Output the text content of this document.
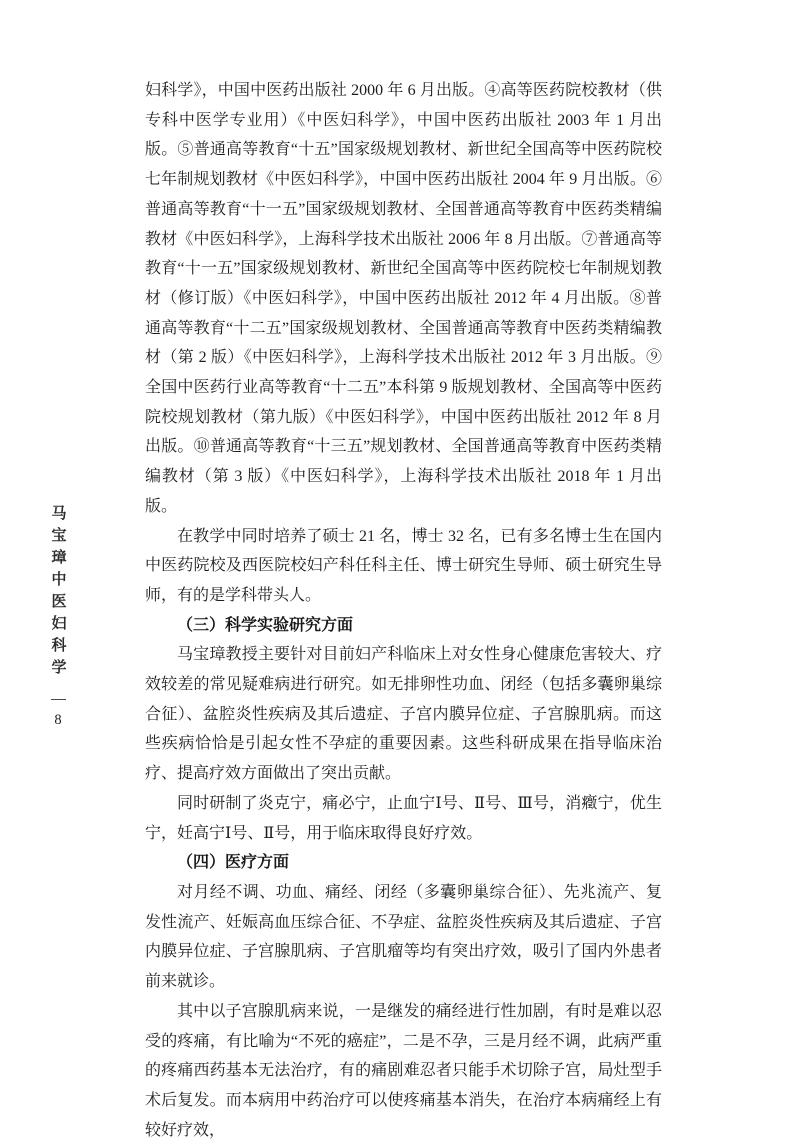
马宝璋中医妇科学
8

妇科学》，中国中医药出版社 2000 年 6 月出版。④高等医药院校教材（供专科中医学专业用）《中医妇科学》，中国中医药出版社 2003 年 1 月出版。⑤普通高等教育“十五”国家级规划教材、新世纪全国高等中医药院校七年制规划教材《中医妇科学》，中国中医药出版社 2004 年 9 月出版。⑥普通高等教育“十一五”国家级规划教材、全国普通高等教育中医药类精编教材《中医妇科学》，上海科学技术出版社 2006 年 8 月出版。⑦普通高等教育“十一五”国家级规划教材、新世纪全国高等中医药院校七年制规划教材（修订版）《中医妇科学》，中国中医药出版社 2012 年 4 月出版。⑧普通高等教育“十二五”国家级规划教材、全国普通高等教育中医药类精编教材（第 2 版）《中医妇科学》，上海科学技术出版社 2012 年 3 月出版。⑨全国中医药行业高等教育“十二五”本科第 9 版规划教材、全国高等中医药院校规划教材（第九版）《中医妇科学》，中国中医药出版社 2012 年 8 月出版。⑩普通高等教育“十三五”规划教材、全国普通高等教育中医药类精编教材（第 3 版）《中医妇科学》，上海科学技术出版社 2018 年 1 月出版。

在教学中同时培养了硕士 21 名，博士 32 名，已有多名博士生在国内中医药院校及西医院校妇产科任科主任、博士研究生导师、硕士研究生导师，有的是学科带头人。

（三）科学实验研究方面

马宝璋教授主要针对目前妇产科临床上对女性身心健康危害较大、疗效较差的常见疑难病进行研究。如无排卵性功血、闭经（包括多囊卵巢综合征）、盆腔炎性疾病及其后遗症、子宫内膜异位症、子宫腺肌病。而这些疾病恰恰是引起女性不孕症的重要因素。这些科研成果在指导临床治疗、提高疗效方面做出了突出贡献。

同时研制了炎克宁，痛必宁，止血宁Ⅰ号、Ⅱ号、Ⅲ号，消癥宁，优生宁，妊高宁Ⅰ号、Ⅱ号，用于临床取得良好疗效。

（四）医疗方面

对月经不调、功血、痛经、闭经（多囊卵巢综合征）、先兆流产、复发性流产、妊娠高血压综合征、不孕症、盆腔炎性疾病及其后遗症、子宫内膜异位症、子宫腺肌病、子宫肌瘤等均有突出疗效，吸引了国内外患者前来就诊。

其中以子宫腺肌病来说，一是继发的痛经进行性加剧，有时是难以忍受的疼痛，有比喻为“不死的癌症”，二是不孕，三是月经不调，此病严重的疼痛西药基本无法治疗，有的痛剧难忍者只能手术切除子宫，局灶型手术后复发。而本病用中药治疗可以使疼痛基本消失，在治疗本病痛经上有较好疗效，
